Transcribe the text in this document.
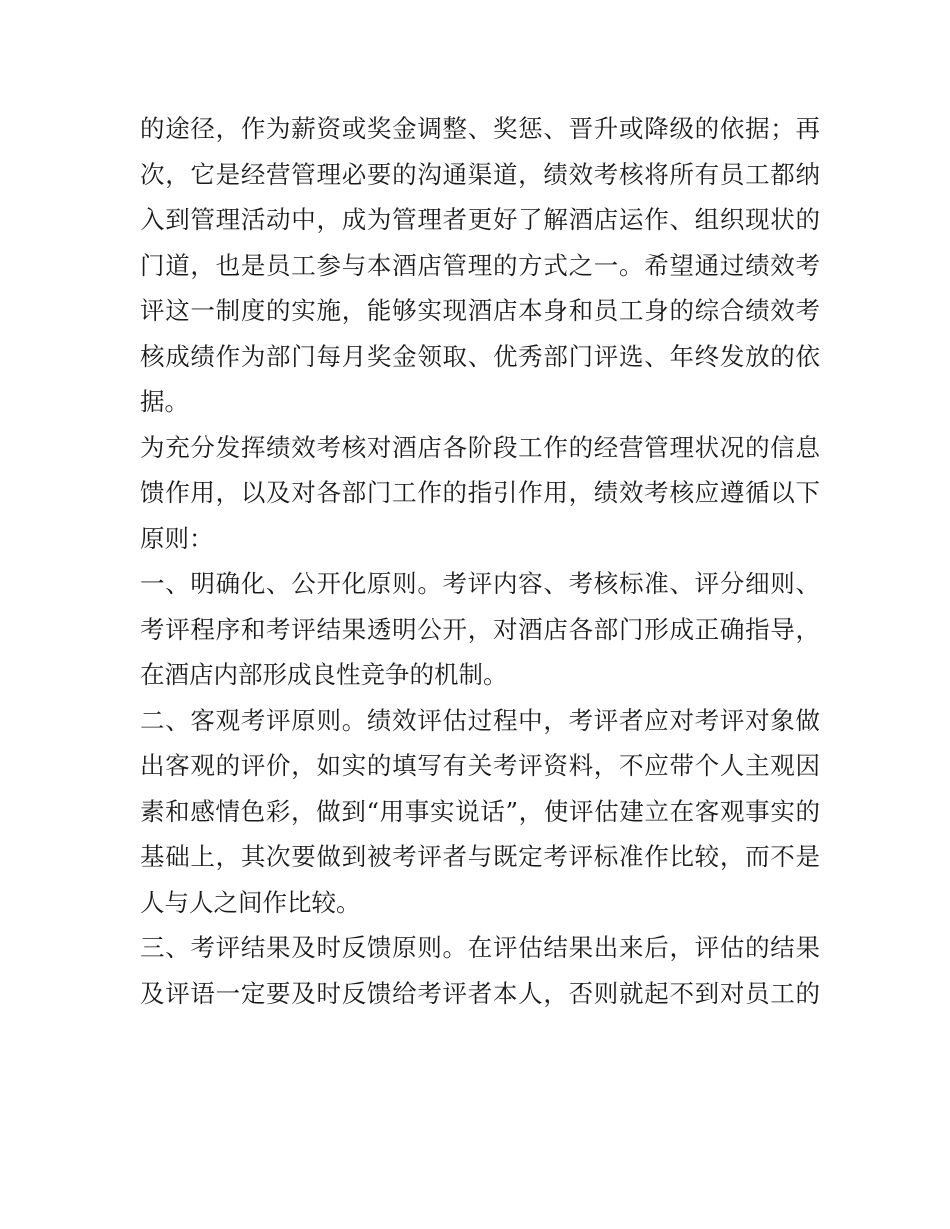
的途径，作为薪资或奖金调整、奖惩、晋升或降级的依据；再
次，它是经营管理必要的沟通渠道，绩效考核将所有员工都纳
入到管理活动中，成为管理者更好了解酒店运作、组织现状的
门道，也是员工参与本酒店管理的方式之一。希望通过绩效考
评这一制度的实施，能够实现酒店本身和员工身的综合绩效考
核成绩作为部门每月奖金领取、优秀部门评选、年终发放的依
据。
为充分发挥绩效考核对酒店各阶段工作的经营管理状况的信息
馈作用，以及对各部门工作的指引作用，绩效考核应遵循以下
原则：
一、明确化、公开化原则。考评内容、考核标准、评分细则、
考评程序和考评结果透明公开，对酒店各部门形成正确指导，
在酒店内部形成良性竞争的机制。
二、客观考评原则。绩效评估过程中，考评者应对考评对象做
出客观的评价，如实的填写有关考评资料，不应带个人主观因
素和感情色彩，做到“用事实说话”，使评估建立在客观事实的
基础上，其次要做到被考评者与既定考评标准作比较，而不是
人与人之间作比较。
三、考评结果及时反馈原则。在评估结果出来后，评估的结果
及评语一定要及时反馈给考评者本人，否则就起不到对员工的
